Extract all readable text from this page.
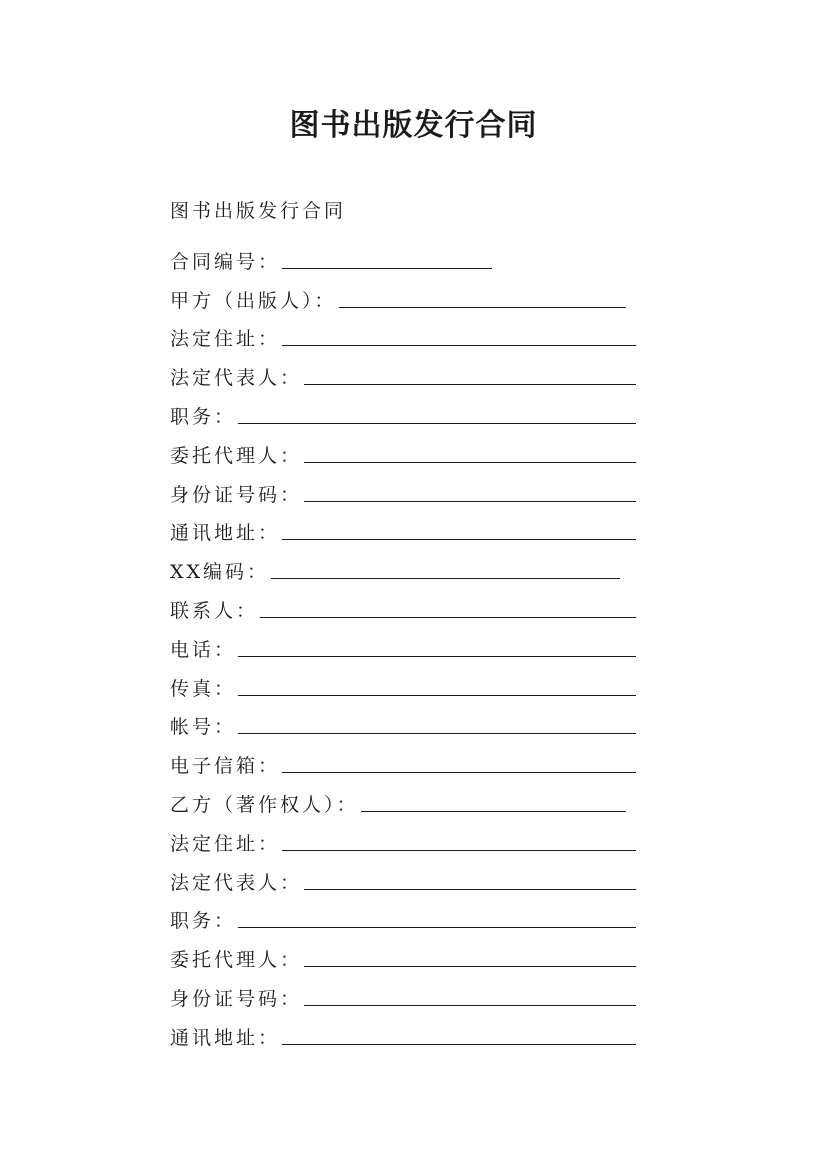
图书出版发行合同

图书出版发行合同

合同编号：
甲方（出版人）：
法定住址：
法定代表人：
职务：
委托代理人：
身份证号码：
通讯地址：
XX编码：
联系人：
电话：
传真：
帐号：
电子信箱：
乙方（著作权人）：
法定住址：
法定代表人：
职务：
委托代理人：
身份证号码：
通讯地址：
